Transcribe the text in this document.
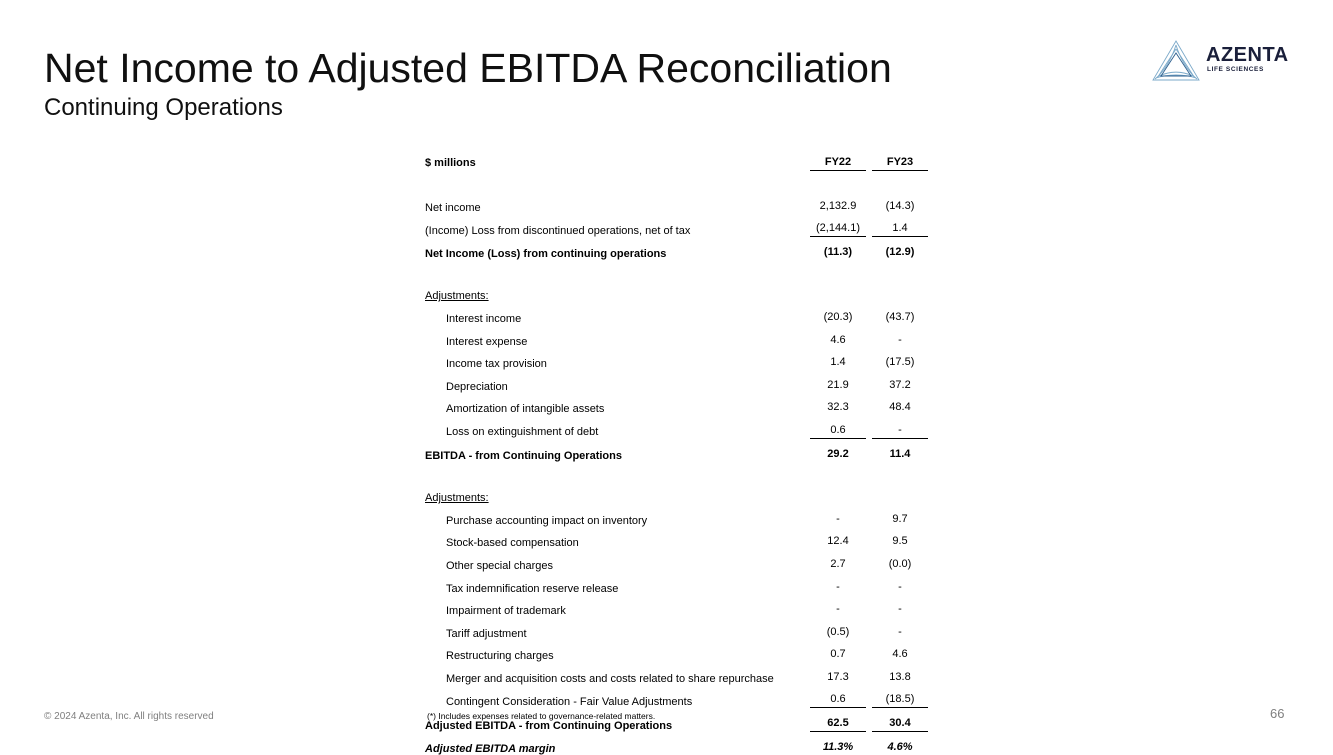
Net Income to Adjusted EBITDA Reconciliation
Continuing Operations
AZENTA
LIFE SCIENCES
$ millions	FY22		FY23

Net income	2,132.9		(14.3)
(Income) Loss from discontinued operations, net of tax	(2,144.1)		1.4
Net Income (Loss) from continuing operations	(11.3)		(12.9)

Adjustments:			
Interest income	(20.3)		(43.7)
Interest expense	4.6		-
Income tax provision	1.4		(17.5)
Depreciation	21.9		37.2
Amortization of intangible assets	32.3		48.4
Loss on extinguishment of debt	0.6		-
EBITDA - from Continuing Operations	29.2		11.4

Adjustments:			
Purchase accounting impact on inventory	-		9.7
Stock-based compensation	12.4		9.5
Other special charges	2.7		(0.0)
Tax indemnification reserve release	-		-
Impairment of trademark	-		-
Tariff adjustment	(0.5)		-
Restructuring charges	0.7		4.6
Merger and acquisition costs and costs related to share repurchase	17.3		13.8
Contingent Consideration - Fair Value Adjustments	0.6		(18.5)
Adjusted EBITDA - from Continuing Operations	62.5		30.4
Adjusted EBITDA margin	11.3%		4.6%
© 2024 Azenta, Inc. All rights reserved	(*) Includes expenses related to governance-related matters.	66
